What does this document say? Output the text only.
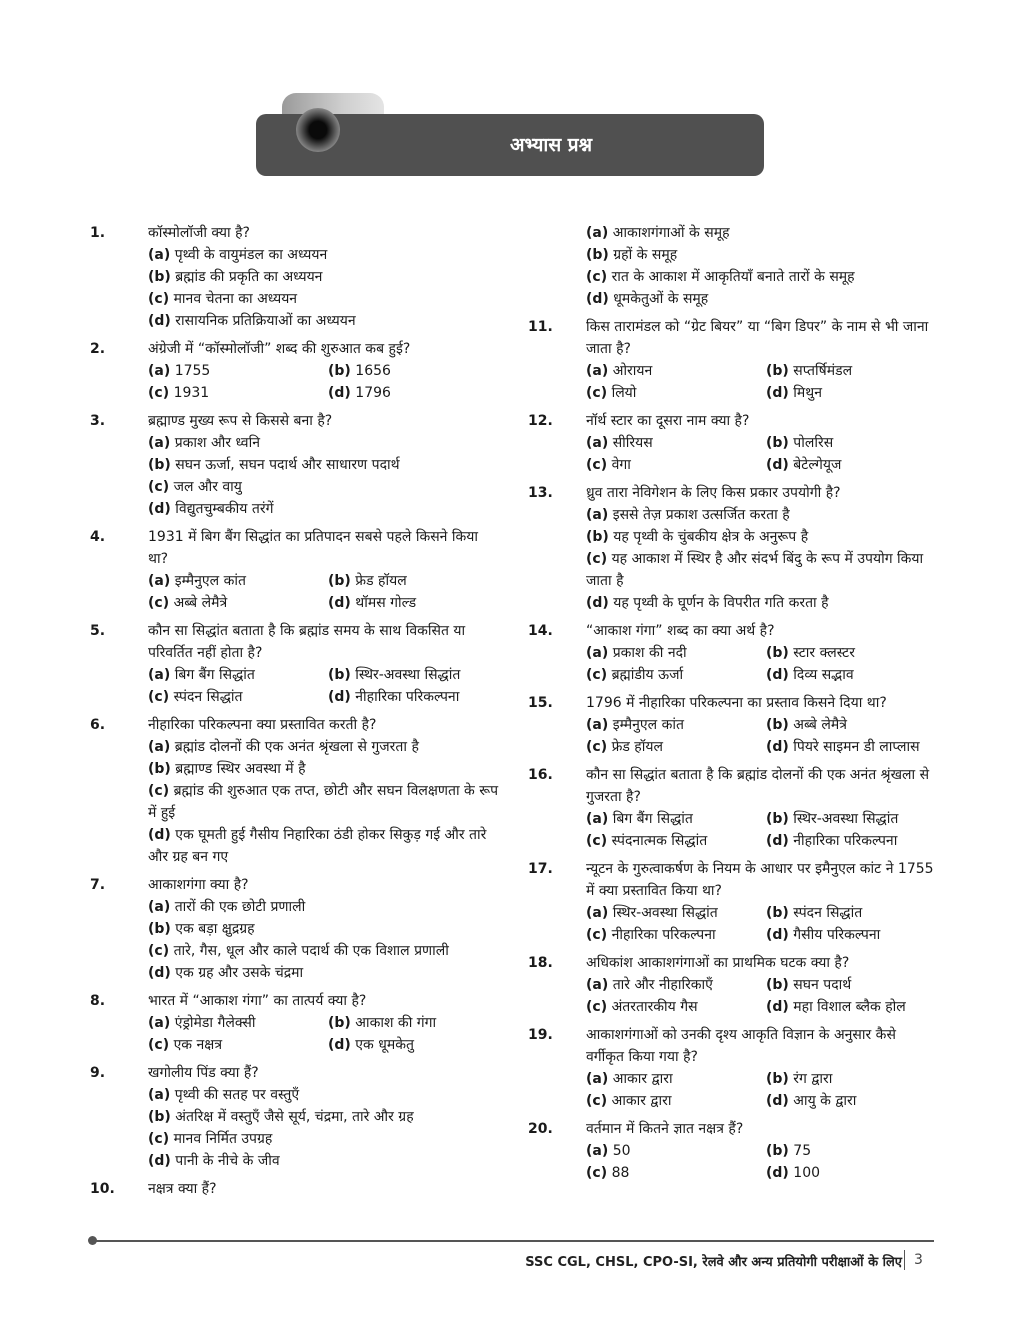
अभ्यास प्रश्न
1.	कॉस्मोलॉजी क्या है?
(a) पृथ्वी के वायुमंडल का अध्ययन
(b) ब्रह्मांड की प्रकृति का अध्ययन
(c) मानव चेतना का अध्ययन
(d) रासायनिक प्रतिक्रियाओं का अध्ययन
2.	अंग्रेजी में “कॉस्मोलॉजी” शब्द की शुरुआत कब हुई?
(a) 1755	(b) 1656
(c) 1931	(d) 1796
3.	ब्रह्माण्ड मुख्य रूप से किससे बना है?
(a) प्रकाश और ध्वनि
(b) सघन ऊर्जा, सघन पदार्थ और साधारण पदार्थ
(c) जल और वायु
(d) विद्युतचुम्बकीय तरंगें
4.	1931 में बिग बैंग सिद्धांत का प्रतिपादन सबसे पहले किसने किया था?
(a) इम्मैनुएल कांत	(b) फ्रेड हॉयल
(c) अब्बे लेमैत्रे	(d) थॉमस गोल्ड
5.	कौन सा सिद्धांत बताता है कि ब्रह्मांड समय के साथ विकसित या परिवर्तित नहीं होता है?
(a) बिग बैंग सिद्धांत	(b) स्थिर-अवस्था सिद्धांत
(c) स्पंदन सिद्धांत	(d) नीहारिका परिकल्पना
6.	नीहारिका परिकल्पना क्या प्रस्तावित करती है?
(a) ब्रह्मांड दोलनों की एक अनंत श्रृंखला से गुजरता है
(b) ब्रह्माण्ड स्थिर अवस्था में है
(c) ब्रह्मांड की शुरुआत एक तप्त, छोटी और सघन विलक्षणता के रूप में हुई
(d) एक घूमती हुई गैसीय निहारिका ठंडी होकर सिकुड़ गई और तारे और ग्रह बन गए
7.	आकाशगंगा क्या है?
(a) तारों की एक छोटी प्रणाली
(b) एक बड़ा क्षुद्रग्रह
(c) तारे, गैस, धूल और काले पदार्थ की एक विशाल प्रणाली
(d) एक ग्रह और उसके चंद्रमा
8.	भारत में “आकाश गंगा” का तात्पर्य क्या है?
(a) एंड्रोमेडा गैलेक्सी	(b) आकाश की गंगा
(c) एक नक्षत्र	(d) एक धूमकेतु
9.	खगोलीय पिंड क्या हैं?
(a) पृथ्वी की सतह पर वस्तुएँ
(b) अंतरिक्ष में वस्तुएँ जैसे सूर्य, चंद्रमा, तारे और ग्रह
(c) मानव निर्मित उपग्रह
(d) पानी के नीचे के जीव
10. नक्षत्र क्या हैं?
(a) आकाशगंगाओं के समूह
(b) ग्रहों के समूह
(c) रात के आकाश में आकृतियाँ बनाते तारों के समूह
(d) धूमकेतुओं के समूह
11. किस तारामंडल को “ग्रेट बियर” या “बिग डिपर” के नाम से भी जाना जाता है?
(a) ओरायन	(b) सप्तर्षिमंडल
(c) लियो	(d) मिथुन
12. नॉर्थ स्टार का दूसरा नाम क्या है?
(a) सीरियस	(b) पोलरिस
(c) वेगा	(d) बेटेल्गेयूज
13. ध्रुव तारा नेविगेशन के लिए किस प्रकार उपयोगी है?
(a) इससे तेज़ प्रकाश उत्सर्जित करता है
(b) यह पृथ्वी के चुंबकीय क्षेत्र के अनुरूप है
(c) यह आकाश में स्थिर है और संदर्भ बिंदु के रूप में उपयोग किया जाता है
(d) यह पृथ्वी के घूर्णन के विपरीत गति करता है
14. “आकाश गंगा” शब्द का क्या अर्थ है?
(a) प्रकाश की नदी	(b) स्टार क्लस्टर
(c) ब्रह्मांडीय ऊर्जा	(d) दिव्य सद्भाव
15. 1796 में नीहारिका परिकल्पना का प्रस्ताव किसने दिया था?
(a) इम्मैनुएल कांत	(b) अब्बे लेमैत्रे
(c) फ्रेड हॉयल	(d) पियरे साइमन डी लाप्लास
16. कौन सा सिद्धांत बताता है कि ब्रह्मांड दोलनों की एक अनंत श्रृंखला से गुजरता है?
(a) बिग बैंग सिद्धांत	(b) स्थिर-अवस्था सिद्धांत
(c) स्पंदनात्मक सिद्धांत	(d) नीहारिका परिकल्पना
17. न्यूटन के गुरुत्वाकर्षण के नियम के आधार पर इमैनुएल कांट ने 1755 में क्या प्रस्तावित किया था?
(a) स्थिर-अवस्था सिद्धांत	(b) स्पंदन सिद्धांत
(c) नीहारिका परिकल्पना	(d) गैसीय परिकल्पना
18. अधिकांश आकाशगंगाओं का प्राथमिक घटक क्या है?
(a) तारे और नीहारिकाएँ	(b) सघन पदार्थ
(c) अंतरतारकीय गैस	(d) महा विशाल ब्लैक होल
19. आकाशगंगाओं को उनकी दृश्य आकृति विज्ञान के अनुसार कैसे वर्गीकृत किया गया है?
(a) आकार द्वारा	(b) रंग द्वारा
(c) आकार द्वारा	(d) आयु के द्वारा
20. वर्तमान में कितने ज्ञात नक्षत्र हैं?
(a) 50	(b) 75
(c) 88	(d) 100
SSC CGL, CHSL, CPO-SI, रेलवे और अन्य प्रतियोगी परीक्षाओं के लिए 3
